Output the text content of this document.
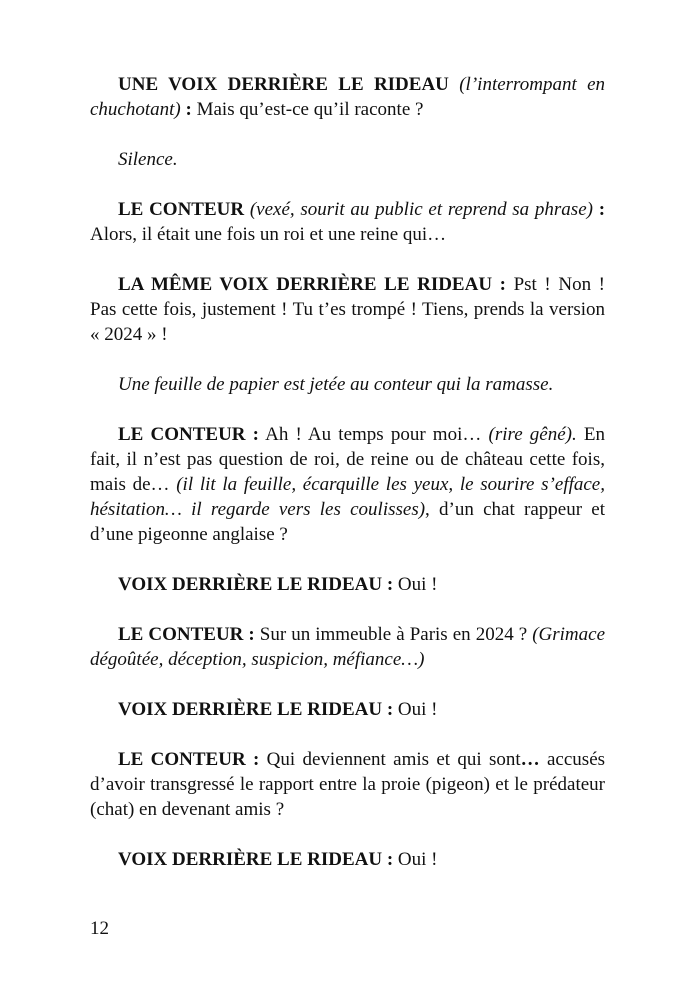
UNE VOIX DERRIÈRE LE RIDEAU (l’interrompant en chuchotant) : Mais qu’est-ce qu’il raconte ?

Silence.

LE CONTEUR (vexé, sourit au public et reprend sa phrase) : Alors, il était une fois un roi et une reine qui…

LA MÊME VOIX DERRIÈRE LE RIDEAU : Pst ! Non ! Pas cette fois, justement ! Tu t’es trompé ! Tiens, prends la version « 2024 » !

Une feuille de papier est jetée au conteur qui la ramasse.

LE CONTEUR : Ah ! Au temps pour moi… (rire gêné). En fait, il n’est pas question de roi, de reine ou de château cette fois, mais de… (il lit la feuille, écarquille les yeux, le sourire s’efface, hésitation… il regarde vers les coulisses), d’un chat rappeur et d’une pigeonne anglaise ?

VOIX DERRIÈRE LE RIDEAU : Oui !

LE CONTEUR : Sur un immeuble à Paris en 2024 ? (Grimace dégoûtée, déception, suspicion, méfiance…)

VOIX DERRIÈRE LE RIDEAU : Oui !

LE CONTEUR : Qui deviennent amis et qui sont… accusés d’avoir transgressé le rapport entre la proie (pigeon) et le prédateur (chat) en devenant amis ?

VOIX DERRIÈRE LE RIDEAU : Oui !

12
